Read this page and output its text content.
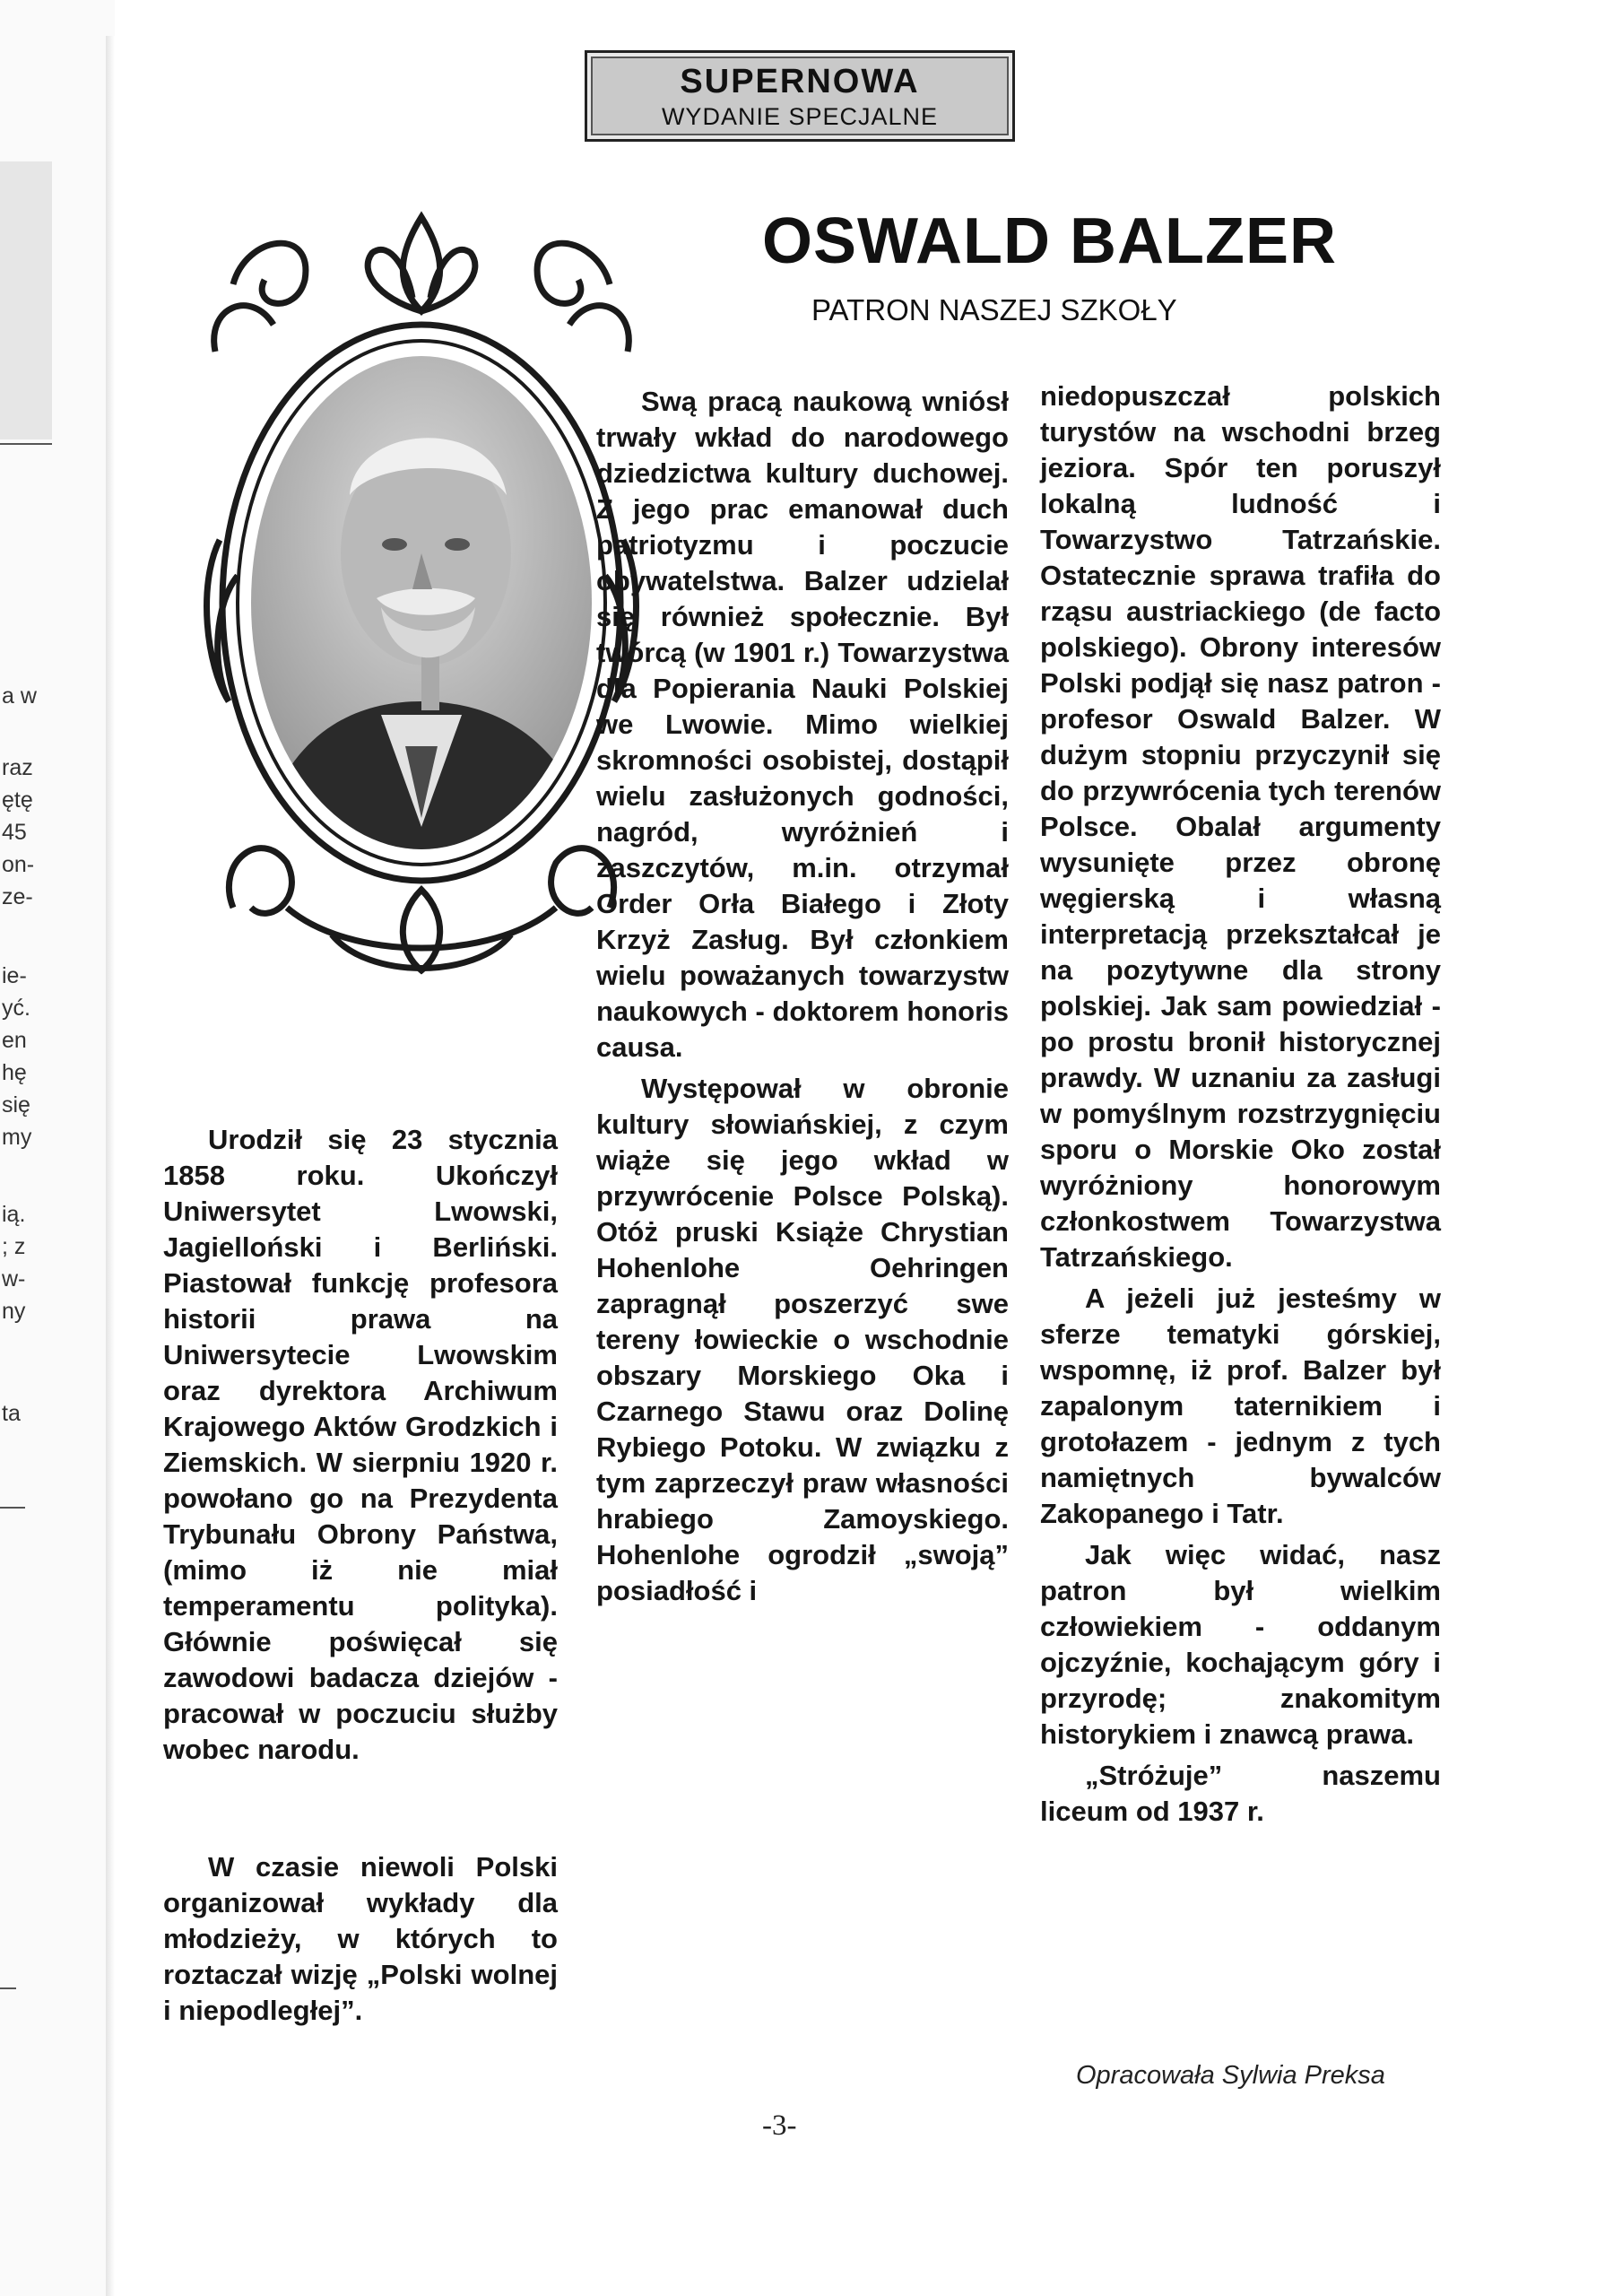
a w
raz
ętę
45
on-
ze-
ie-
yć.
en
hę
się
my
ią.
; z
w-
ny
ta
SUPERNOWA
WYDANIE SPECJALNE
OSWALD BALZER
PATRON NASZEJ SZKOŁY

Urodził się 23 stycznia 1858 roku. Ukończył Uniwersytet Lwowski, Jagielloński i Berliński. Piastował funkcję profesora historii prawa na Uniwersytecie Lwowskim oraz dyrektora Archiwum Krajowego Aktów Grodzkich i Ziemskich. W sierpniu 1920 r. powołano go na Prezydenta Trybunału Obrony Państwa, (mimo iż nie miał temperamentu polityka). Głównie poświęcał się zawodowi badacza dziejów - pracował w poczuciu służby wobec narodu.

W czasie niewoli Polski organizował wykłady dla młodzieży, w których to roztaczał wizję „Polski wolnej i niepodległej”.

Swą pracą naukową wniósł trwały wkład do narodowego dziedzictwa kultury duchowej. Z jego prac emanował duch patriotyzmu i poczucie obywatelstwa. Balzer udzielał się również społecznie. Był twórcą (w 1901 r.) Towarzystwa dla Popierania Nauki Polskiej we Lwowie. Mimo wielkiej skromności osobistej, dostąpił wielu zasłużonych godności, nagród, wyróżnień i zaszczytów, m.in. otrzymał Order Orła Białego i Złoty Krzyż Zasług. Był członkiem wielu poważanych towarzystw naukowych - doktorem honoris causa.

Występował w obronie kultury słowiańskiej, z czym wiąże się jego wkład w przywrócenie Polsce Polską). Otóż pruski Książe Chrystian Hohenlohe Oehringen zapragnął poszerzyć swe tereny łowieckie o wschodnie obszary Morskiego Oka i Czarnego Stawu oraz Dolinę Rybiego Potoku. W związku z tym zaprzeczył praw własności hrabiego Zamoyskiego. Hohenlohe ogrodził „swoją” posiadłość i

niedopuszczał polskich turystów na wschodni brzeg jeziora. Spór ten poruszył lokalną ludność i Towarzystwo Tatrzańskie. Ostatecznie sprawa trafiła do rząsu austriackiego (de facto polskiego). Obrony interesów Polski podjął się nasz patron - profesor Oswald Balzer. W dużym stopniu przyczynił się do przywrócenia tych terenów Polsce. Obalał argumenty wysunięte przez obronę węgierską i własną interpretacją przekształcał je na pozytywne dla strony polskiej. Jak sam powiedział - po prostu bronił historycznej prawdy. W uznaniu za zasługi w pomyślnym rozstrzygnięciu sporu o Morskie Oko został wyróżniony honorowym członkostwem Towarzystwa Tatrzańskiego.

A jeżeli już jesteśmy w sferze tematyki górskiej, wspomnę, iż prof. Balzer był zapalonym taternikiem i grotołazem - jednym z tych namiętnych bywalców Zakopanego i Tatr.

Jak więc widać, nasz patron był wielkim człowiekiem - oddanym ojczyźnie, kochającym góry i przyrodę; znakomitym historykiem i znawcą prawa.

„Stróżuje” naszemu liceum od 1937 r.

Opracowała Sylwia Preksa
-3-
